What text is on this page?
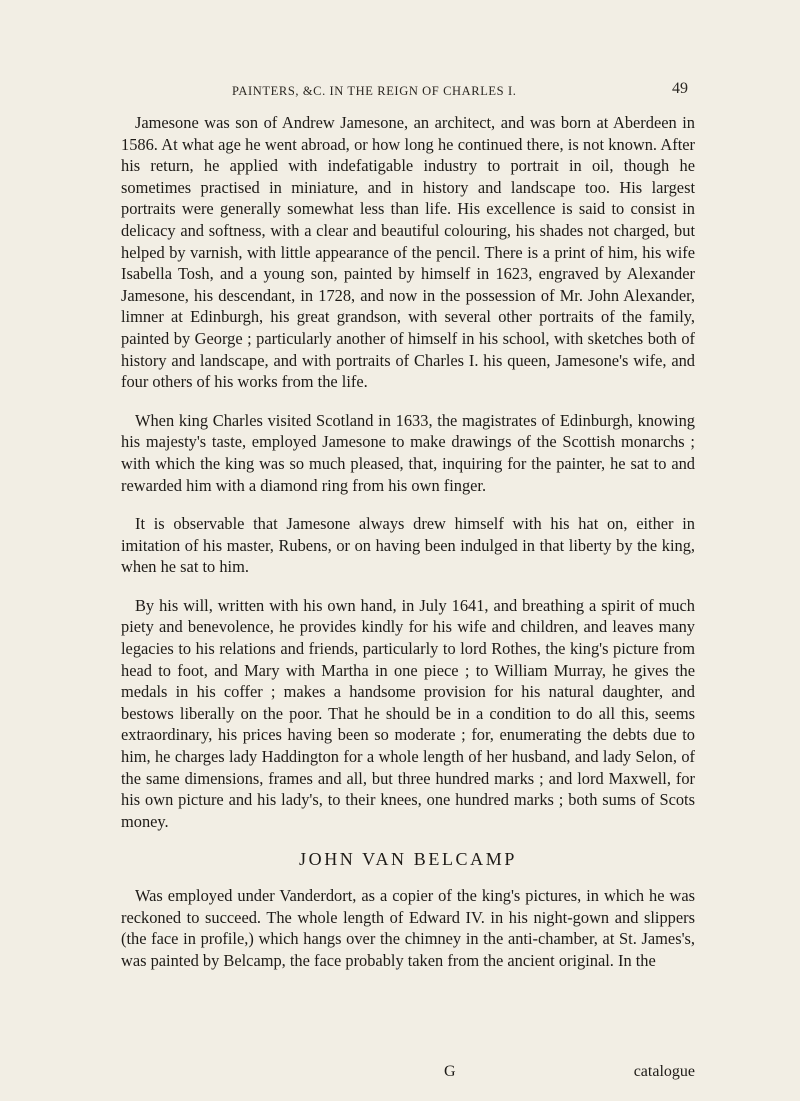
PAINTERS, &C. IN THE REIGN OF CHARLES I.	49

Jamesone was son of Andrew Jamesone, an architect, and was born at Aberdeen in 1586. At what age he went abroad, or how long he continued there, is not known. After his return, he applied with indefatigable industry to portrait in oil, though he sometimes practised in miniature, and in history and landscape too. His largest portraits were generally somewhat less than life. His excellence is said to consist in delicacy and softness, with a clear and beautiful colouring, his shades not charged, but helped by varnish, with little appearance of the pencil. There is a print of him, his wife Isabella Tosh, and a young son, painted by himself in 1623, engraved by Alexander Jamesone, his descendant, in 1728, and now in the possession of Mr. John Alexander, limner at Edinburgh, his great grandson, with several other portraits of the family, painted by George ; particularly another of himself in his school, with sketches both of history and landscape, and with portraits of Charles I. his queen, Jamesone's wife, and four others of his works from the life.

When king Charles visited Scotland in 1633, the magistrates of Edinburgh, knowing his majesty's taste, employed Jamesone to make drawings of the Scottish monarchs ; with which the king was so much pleased, that, inquiring for the painter, he sat to and rewarded him with a diamond ring from his own finger.

It is observable that Jamesone always drew himself with his hat on, either in imitation of his master, Rubens, or on having been indulged in that liberty by the king, when he sat to him.

By his will, written with his own hand, in July 1641, and breathing a spirit of much piety and benevolence, he provides kindly for his wife and children, and leaves many legacies to his relations and friends, particularly to lord Rothes, the king's picture from head to foot, and Mary with Martha in one piece ; to William Murray, he gives the medals in his coffer ; makes a handsome provision for his natural daughter, and bestows liberally on the poor. That he should be in a condition to do all this, seems extraordinary, his prices having been so moderate ; for, enumerating the debts due to him, he charges lady Haddington for a whole length of her husband, and lady Selon, of the same dimensions, frames and all, but three hundred marks ; and lord Maxwell, for his own picture and his lady's, to their knees, one hundred marks ; both sums of Scots money.

JOHN VAN BELCAMP

Was employed under Vanderdort, as a copier of the king's pictures, in which he was reckoned to succeed. The whole length of Edward IV. in his night-gown and slippers (the face in profile,) which hangs over the chimney in the anti-chamber, at St. James's, was painted by Belcamp, the face probably taken from the ancient original. In the

G	catalogue
